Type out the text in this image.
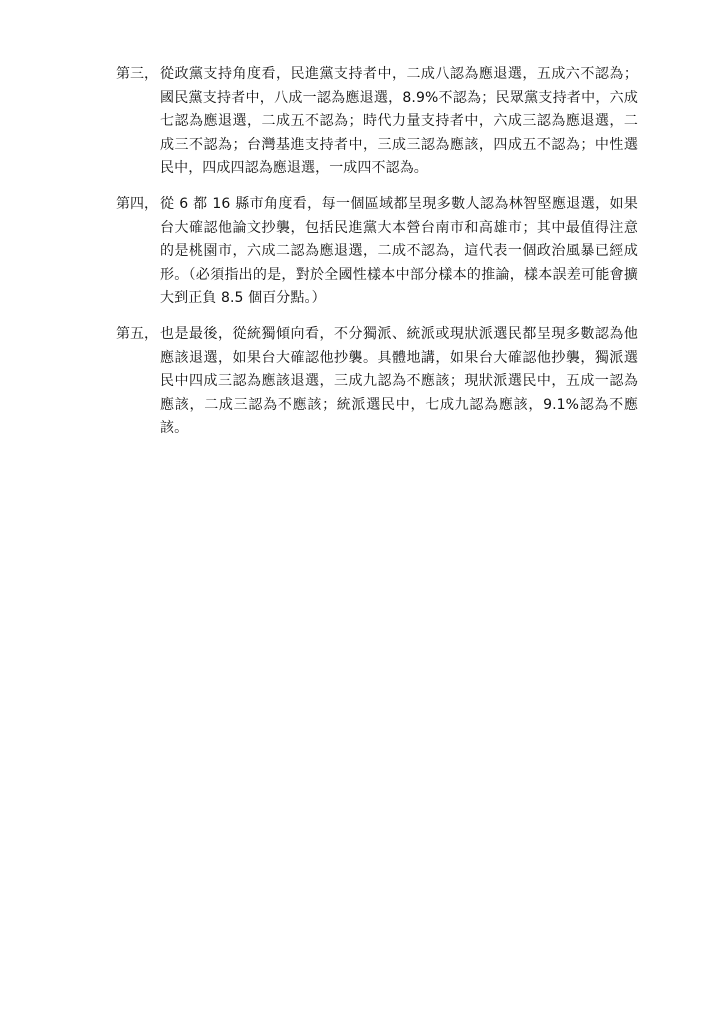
第三， 從政黨支持角度看，民進黨支持者中，二成八認為應退選，五成六不認為；國民黨支持者中，八成一認為應退選，8.9%不認為；民眾黨支持者中，六成七認為應退選，二成五不認為；時代力量支持者中，六成三認為應退選，二成三不認為；台灣基進支持者中，三成三認為應該，四成五不認為；中性選民中，四成四認為應退選，一成四不認為。
第四， 從 6 都 16 縣市角度看，每一個區域都呈現多數人認為林智堅應退選，如果台大確認他論文抄襲，包括民進黨大本營台南市和高雄市；其中最值得注意的是桃園市，六成二認為應退選，二成不認為，這代表一個政治風暴已經成形。（必須指出的是，對於全國性樣本中部分樣本的推論，樣本誤差可能會擴大到正負 8.5 個百分點。）
第五， 也是最後，從統獨傾向看，不分獨派、統派或現狀派選民都呈現多數認為他應該退選，如果台大確認他抄襲。具體地講，如果台大確認他抄襲，獨派選民中四成三認為應該退選，三成九認為不應該；現狀派選民中，五成一認為應該，二成三認為不應該；統派選民中，七成九認為應該，9.1%認為不應該。
